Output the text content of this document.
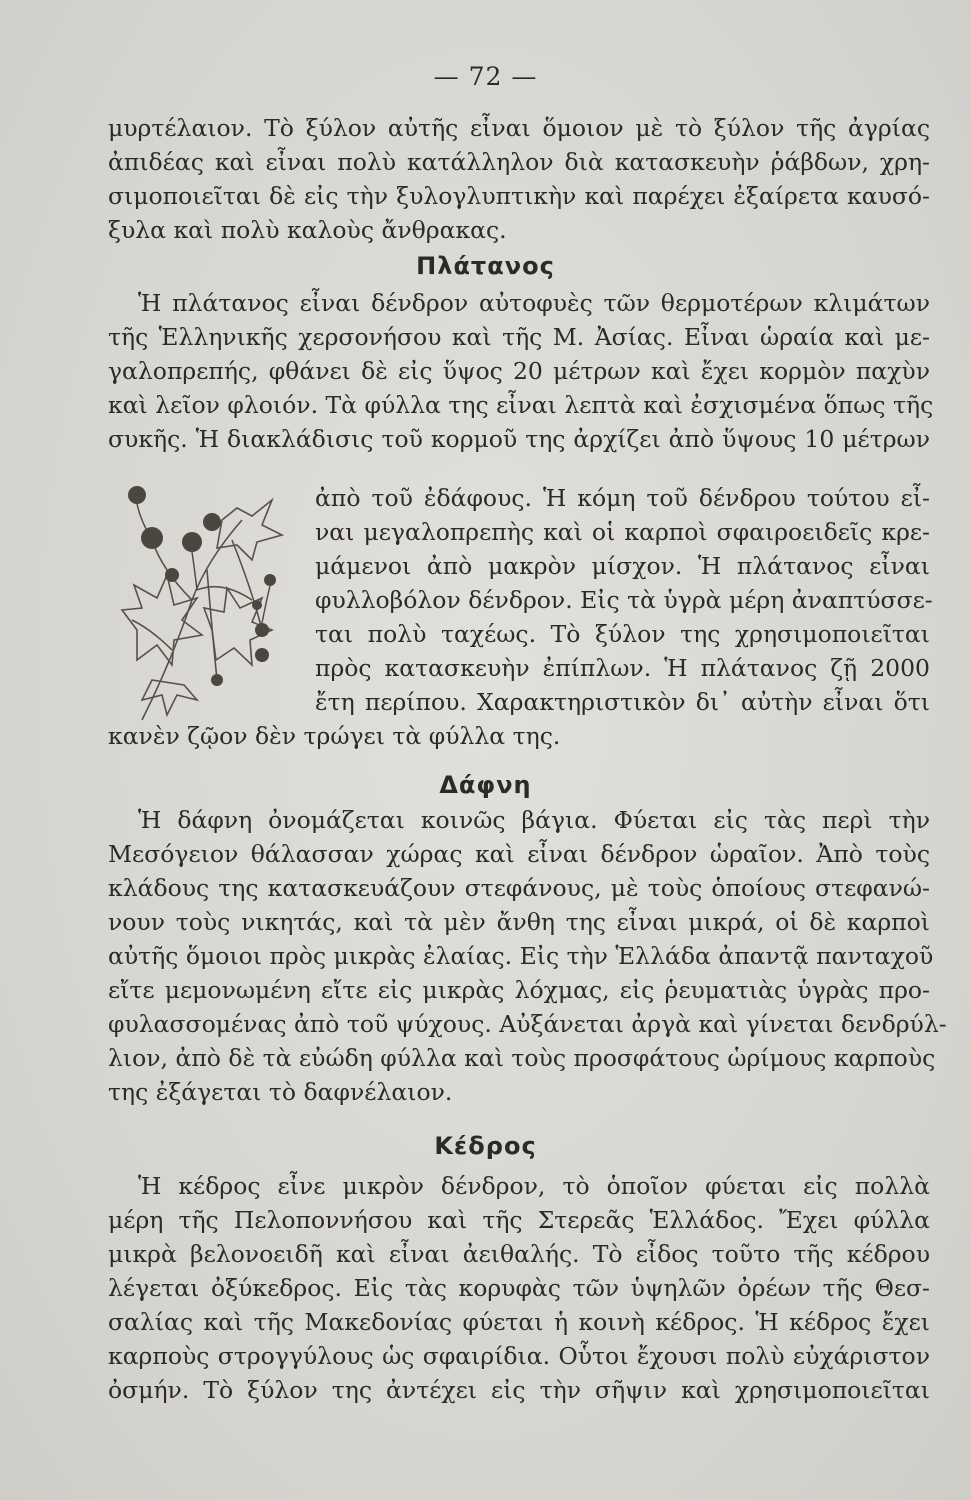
— 72 —
μυρτέλαιον. Τὸ ξύλον αὐτῆς εἶναι ὅμοιον μὲ τὸ ξύλον τῆς ἀγρίας
ἀπιδέας καὶ εἶναι πολὺ κατάλληλον διὰ κατασκευὴν ῥάβδων, χρη-
σιμοποιεῖται δὲ εἰς τὴν ξυλογλυπτικὴν καὶ παρέχει ἐξαίρετα καυσό-
ξυλα καὶ πολὺ καλοὺς ἄνθρακας.
Πλάτανος
Ἡ πλάτανος εἶναι δένδρον αὐτοφυὲς τῶν θερμοτέρων κλιμάτων
τῆς Ἑλληνικῆς χερσονήσου καὶ τῆς Μ. Ἀσίας. Εἶναι ὡραία καὶ με-
γαλοπρεπής, φθάνει δὲ εἰς ὕψος 20 μέτρων καὶ ἔχει κορμὸν παχὺν
καὶ λεῖον φλοιόν. Τὰ φύλλα της εἶναι λεπτὰ καὶ ἐσχισμένα ὅπως τῆς
συκῆς. Ἡ διακλάδισις τοῦ κορμοῦ της ἀρχίζει ἀπὸ ὕψους 10 μέτρων
ἀπὸ τοῦ ἐδάφους. Ἡ κόμη τοῦ δένδρου τούτου εἶ-
ναι μεγαλοπρεπὴς καὶ οἱ καρποὶ σφαιροειδεῖς κρε-
μάμενοι ἀπὸ μακρὸν μίσχον. Ἡ πλάτανος εἶναι
φυλλοβόλον δένδρον. Εἰς τὰ ὑγρὰ μέρη ἀναπτύσσε-
ται πολὺ ταχέως. Τὸ ξύλον της χρησιμοποιεῖται
πρὸς κατασκευὴν ἐπίπλων. Ἡ πλάτανος ζῇ 2000
ἔτη περίπου. Χαρακτηριστικὸν δι᾽ αὐτὴν εἶναι ὅτι
κανὲν ζῷον δὲν τρώγει τὰ φύλλα της.
Δάφνη
Ἡ δάφνη ὀνομάζεται κοινῶς βάγια. Φύεται εἰς τὰς περὶ τὴν
Μεσόγειον θάλασσαν χώρας καὶ εἶναι δένδρον ὡραῖον. Ἀπὸ τοὺς
κλάδους της κατασκευάζουν στεφάνους, μὲ τοὺς ὁποίους στεφανώ-
νουν τοὺς νικητάς, καὶ τὰ μὲν ἄνθη της εἶναι μικρά, οἱ δὲ καρποὶ
αὐτῆς ὅμοιοι πρὸς μικρὰς ἐλαίας. Εἰς τὴν Ἑλλάδα ἀπαντᾷ πανταχοῦ
εἴτε μεμονωμένη εἴτε εἰς μικρὰς λόχμας, εἰς ῥευματιὰς ὑγρὰς προ-
φυλασσομένας ἀπὸ τοῦ ψύχους. Αὐξάνεται ἀργὰ καὶ γίνεται δενδρύλ-
λιον, ἀπὸ δὲ τὰ εὐώδη φύλλα καὶ τοὺς προσφάτους ὡρίμους καρποὺς
της ἐξάγεται τὸ δαφνέλαιον.
Κέδρος
Ἡ κέδρος εἶνε μικρὸν δένδρον, τὸ ὁποῖον φύεται εἰς πολλὰ
μέρη τῆς Πελοποννήσου καὶ τῆς Στερεᾶς Ἑλλάδος. Ἔχει φύλλα
μικρὰ βελονοειδῆ καὶ εἶναι ἀειθαλής. Τὸ εἶδος τοῦτο τῆς κέδρου
λέγεται ὀξύκεδρος. Εἰς τὰς κορυφὰς τῶν ὑψηλῶν ὀρέων τῆς Θεσ-
σαλίας καὶ τῆς Μακεδονίας φύεται ἡ κοινὴ κέδρος. Ἡ κέδρος ἔχει
καρποὺς στρογγύλους ὡς σφαιρίδια. Οὗτοι ἔχουσι πολὺ εὐχάριστον
ὀσμήν. Τὸ ξύλον της ἀντέχει εἰς τὴν σῆψιν καὶ χρησιμοποιεῖται
